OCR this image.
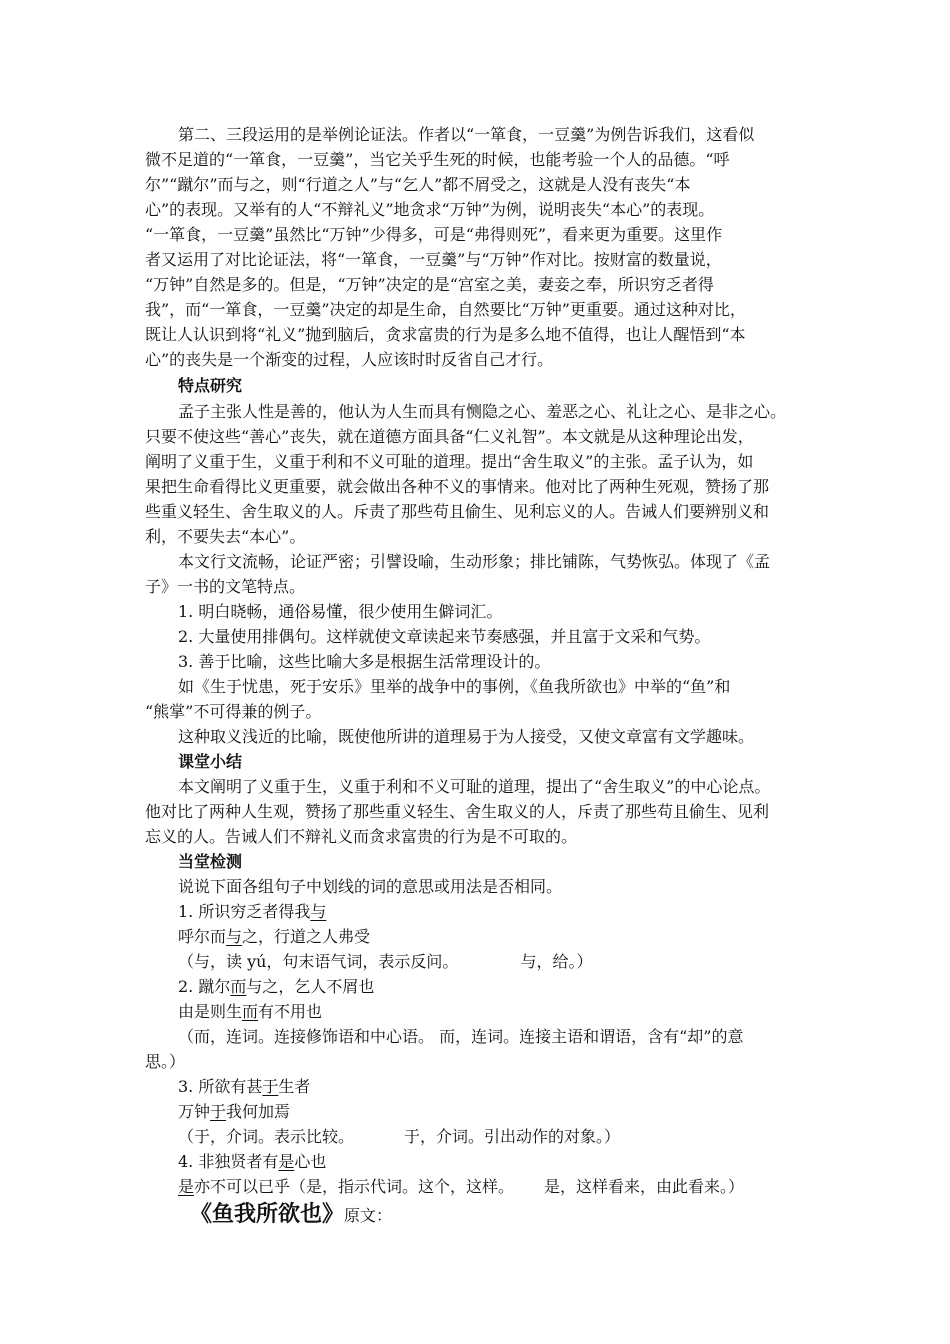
第二、三段运用的是举例论证法。作者以“一箪食，一豆羹”为例告诉我们，这看似
微不足道的“一箪食，一豆羹”，当它关乎生死的时候，也能考验一个人的品德。“呼
尔”“蹴尔”而与之，则“行道之人”与“乞人”都不屑受之，这就是人没有丧失“本
心”的表现。又举有的人“不辩礼义”地贪求“万钟”为例，说明丧失“本心”的表现。
“一箪食，一豆羹”虽然比“万钟”少得多，可是“弗得则死”，看来更为重要。这里作
者又运用了对比论证法，将“一箪食，一豆羹”与“万钟”作对比。按财富的数量说，
“万钟”自然是多的。但是，“万钟”决定的是“宫室之美，妻妾之奉，所识穷乏者得
我”，而“一箪食，一豆羹”决定的却是生命，自然要比“万钟”更重要。通过这种对比，
既让人认识到将“礼义”抛到脑后，贪求富贵的行为是多么地不值得，也让人醒悟到“本
心”的丧失是一个渐变的过程，人应该时时反省自己才行。
特点研究
孟子主张人性是善的，他认为人生而具有恻隐之心、羞恶之心、礼让之心、是非之心。
只要不使这些“善心”丧失，就在道德方面具备“仁义礼智”。本文就是从这种理论出发，
阐明了义重于生，义重于利和不义可耻的道理。提出“舍生取义”的主张。孟子认为，如
果把生命看得比义更重要，就会做出各种不义的事情来。他对比了两种生死观，赞扬了那
些重义轻生、舍生取义的人。斥责了那些苟且偷生、见利忘义的人。告诫人们要辨别义和
利，不要失去“本心”。
本文行文流畅，论证严密；引譬设喻，生动形象；排比铺陈，气势恢弘。体现了《孟
子》一书的文笔特点。
1. 明白晓畅，通俗易懂，很少使用生僻词汇。
2. 大量使用排偶句。这样就使文章读起来节奏感强，并且富于文采和气势。
3. 善于比喻，这些比喻大多是根据生活常理设计的。
如《生于忧患，死于安乐》里举的战争中的事例，《鱼我所欲也》中举的“鱼”和
“熊掌”不可得兼的例子。
这种取义浅近的比喻，既使他所讲的道理易于为人接受，又使文章富有文学趣味。
课堂小结
本文阐明了义重于生，义重于利和不义可耻的道理，提出了“舍生取义”的中心论点。
他对比了两种人生观，赞扬了那些重义轻生、舍生取义的人，斥责了那些苟且偷生、见利
忘义的人。告诫人们不辩礼义而贪求富贵的行为是不可取的。
当堂检测
说说下面各组句子中划线的词的意思或用法是否相同。
1. 所识穷乏者得我与
呼尔而与之，行道之人弗受
（与，读 yú，句末语气词，表示反问。	与，给。）
2. 蹴尔而与之，乞人不屑也
由是则生而有不用也
（而，连词。连接修饰语和中心语。 而，连词。连接主语和谓语，含有“却”的意
思。）
3. 所欲有甚于生者
万钟于我何加焉
（于，介词。表示比较。	于，介词。引出动作的对象。）
4. 非独贤者有是心也
是亦不可以已乎（是，指示代词。这个，这样。 是，这样看来，由此看来。）
《鱼我所欲也》原文：
